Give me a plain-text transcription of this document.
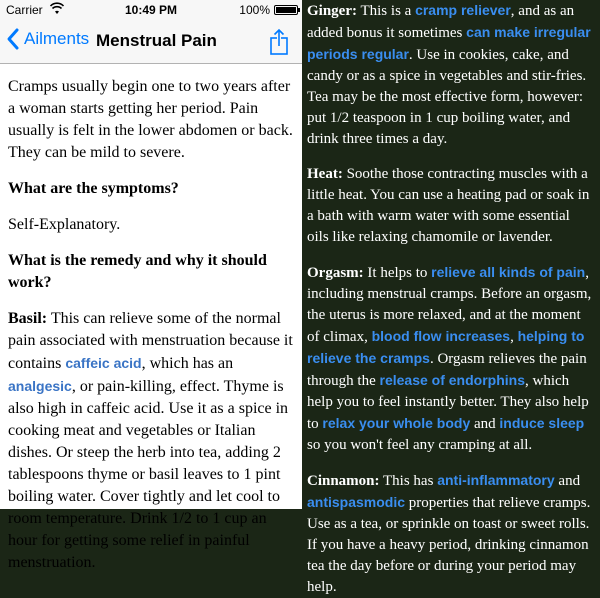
Carrier	10:49 PM	100%
Ailments Menstrual Pain

Cramps usually begin one to two years after a woman starts getting her period. Pain usually is felt in the lower abdomen or back. They can be mild to severe.

What are the symptoms?

Self-Explanatory.

What is the remedy and why it should work?

Basil: This can relieve some of the normal pain associated with menstruation because it contains caffeic acid, which has an analgesic, or pain-killing, effect. Thyme is also high in caffeic acid. Use it as a spice in cooking meat and vegetables or Italian dishes. Or steep the herb into tea, adding 2 tablespoons thyme or basil leaves to 1 pint boiling water. Cover tightly and let cool to room temperature. Drink 1/2 to 1 cup an hour for getting some relief in painful menstruation.

Ginger: This is a cramp reliever, and as an added bonus it sometimes can make irregular periods regular. Use in cookies, cake, and candy or as a spice in vegetables and stir-fries. Tea may be the most effective form, however: put 1/2 teaspoon in 1 cup boiling water, and drink three times a day.

Heat: Soothe those contracting muscles with a little heat. You can use a heating pad or soak in a bath with warm water with some essential oils like relaxing chamomile or lavender.

Orgasm: It helps to relieve all kinds of pain, including menstrual cramps. Before an orgasm, the uterus is more relaxed, and at the moment of climax, blood flow increases, helping to relieve the cramps. Orgasm relieves the pain through the release of endorphins, which help you to feel instantly better. They also help to relax your whole body and induce sleep so you won't feel any cramping at all.

Cinnamon: This has anti-inflammatory and antispasmodic properties that relieve cramps. Use as a tea, or sprinkle on toast or sweet rolls. If you have a heavy period, drinking cinnamon tea the day before or during your period may help.
